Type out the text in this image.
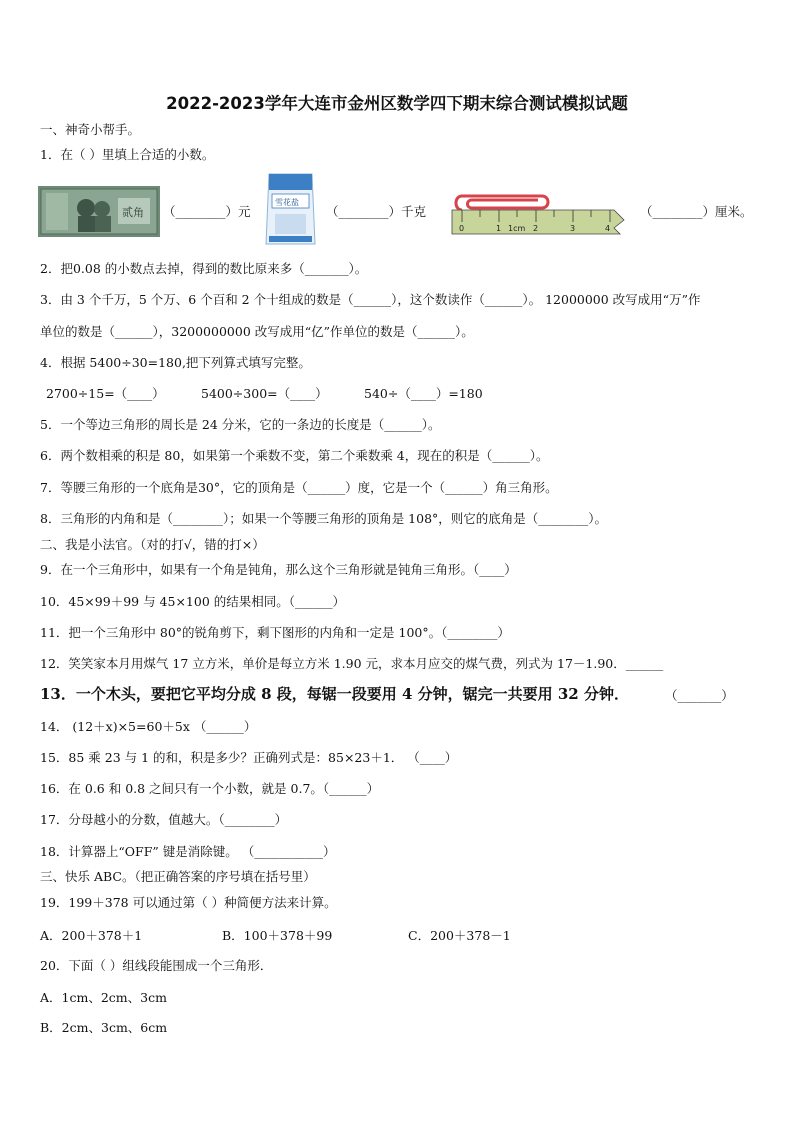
2022-2023学年大连市金州区数学四下期末综合测试模拟试题
一、神奇小帮手。
1．在（ ）里填上合适的小数。
贰角 （________）元
雪花盐
（________）千克
0	1 1cm 2	3	4
（________）厘米。
2．把0.08 的小数点去掉，得到的数比原来多（_______）。
3．由 3 个千万，5 个万、6 个百和 2 个十组成的数是（______），这个数读作（______）。 12000000 改写成用“万”作
单位的数是（______），3200000000 改写成用“亿”作单位的数是（______）。
4．根据 5400÷30=180,把下列算式填写完整。
2700÷15=（____）	5400÷300=（____）	540÷（____）=180
5．一个等边三角形的周长是 24 分米，它的一条边的长度是（______）。
6．两个数相乘的积是 80，如果第一个乘数不变，第二个乘数乘 4，现在的积是（______）。
7．等腰三角形的一个底角是30°，它的顶角是（______）度，它是一个（______）角三角形。
8．三角形的内角和是（________）；如果一个等腰三角形的顶角是 108°，则它的底角是（________）。
二、我是小法官。（对的打√，错的打×）
9．在一个三角形中，如果有一个角是钝角，那么这个三角形就是钝角三角形。（____）
10．45×99＋99 与 45×100 的结果相同。（______）
11．把一个三角形中 80°的锐角剪下，剩下图形的内角和一定是 100°。（________）
12．笑笑家本月用煤气 17 立方米，单价是每立方米 1.90 元，求本月应交的煤气费，列式为 17－1.90．______
13．一个木头，要把它平均分成 8 段，每锯一段要用 4 分钟，锯完一共要用 32 分钟．	（_______）
14． (12＋x)×5=60＋5x （______）
15．85 乘 23 与 1 的和，积是多少？正确列式是：85×23＋1． （____）
16．在 0.6 和 0.8 之间只有一个小数，就是 0.7。（______）
17．分母越小的分数，值越大。（________）
18．计算器上“OFF” 键是消除键。 （___________）
三、快乐 ABC。（把正确答案的序号填在括号里）
19．199＋378 可以通过第（ ）种简便方法来计算。
A．200＋378＋1	B．100＋378＋99	C．200＋378－1
20．下面（ ）组线段能围成一个三角形．
A．1cm、2cm、3cm
B．2cm、3cm、6cm
